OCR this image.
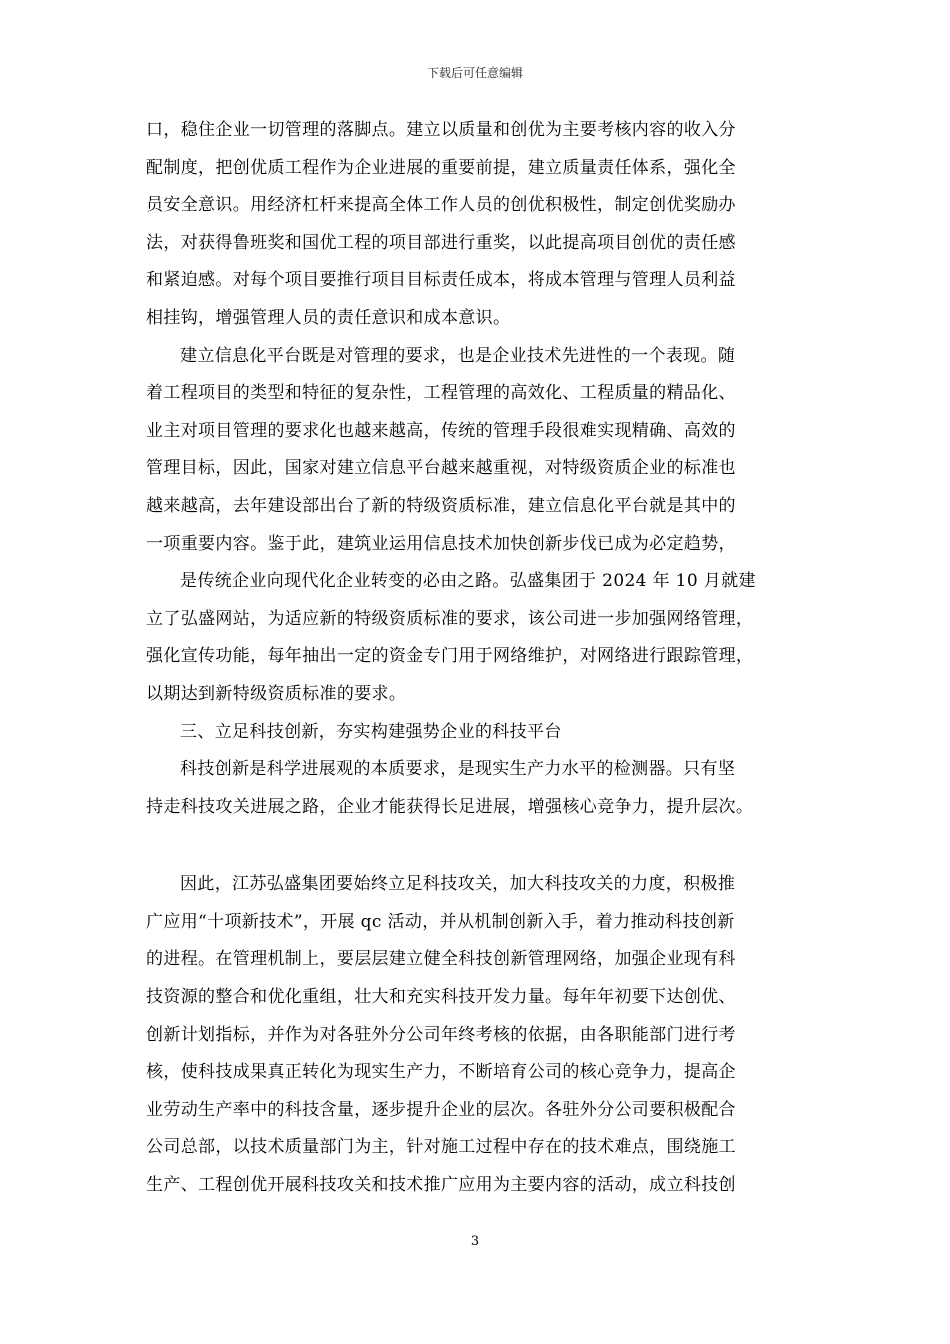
下载后可任意编辑
口，稳住企业一切管理的落脚点。建立以质量和创优为主要考核内容的收入分
配制度，把创优质工程作为企业进展的重要前提，建立质量责任体系，强化全
员安全意识。用经济杠杆来提高全体工作人员的创优积极性，制定创优奖励办
法，对获得鲁班奖和国优工程的项目部进行重奖，以此提高项目创优的责任感
和紧迫感。对每个项目要推行项目目标责任成本，将成本管理与管理人员利益
相挂钩，增强管理人员的责任意识和成本意识。
建立信息化平台既是对管理的要求，也是企业技术先进性的一个表现。随
着工程项目的类型和特征的复杂性，工程管理的高效化、工程质量的精品化、
业主对项目管理的要求化也越来越高，传统的管理手段很难实现精确、高效的
管理目标，因此，国家对建立信息平台越来越重视，对特级资质企业的标准也
越来越高，去年建设部出台了新的特级资质标准，建立信息化平台就是其中的
一项重要内容。鉴于此，建筑业运用信息技术加快创新步伐已成为必定趋势，
是传统企业向现代化企业转变的必由之路。弘盛集团于 2024 年 10 月就建
立了弘盛网站，为适应新的特级资质标准的要求，该公司进一步加强网络管理，
强化宣传功能，每年抽出一定的资金专门用于网络维护，对网络进行跟踪管理，
以期达到新特级资质标准的要求。
三、立足科技创新，夯实构建强势企业的科技平台
科技创新是科学进展观的本质要求，是现实生产力水平的检测器。只有坚
持走科技攻关进展之路，企业才能获得长足进展，增强核心竞争力，提升层次。
因此，江苏弘盛集团要始终立足科技攻关，加大科技攻关的力度，积极推
广应用“十项新技术”，开展 qc 活动，并从机制创新入手，着力推动科技创新
的进程。在管理机制上，要层层建立健全科技创新管理网络，加强企业现有科
技资源的整合和优化重组，壮大和充实科技开发力量。每年年初要下达创优、
创新计划指标，并作为对各驻外分公司年终考核的依据，由各职能部门进行考
核，使科技成果真正转化为现实生产力，不断培育公司的核心竞争力，提高企
业劳动生产率中的科技含量，逐步提升企业的层次。各驻外分公司要积极配合
公司总部，以技术质量部门为主，针对施工过程中存在的技术难点，围绕施工
生产、工程创优开展科技攻关和技术推广应用为主要内容的活动，成立科技创
3
